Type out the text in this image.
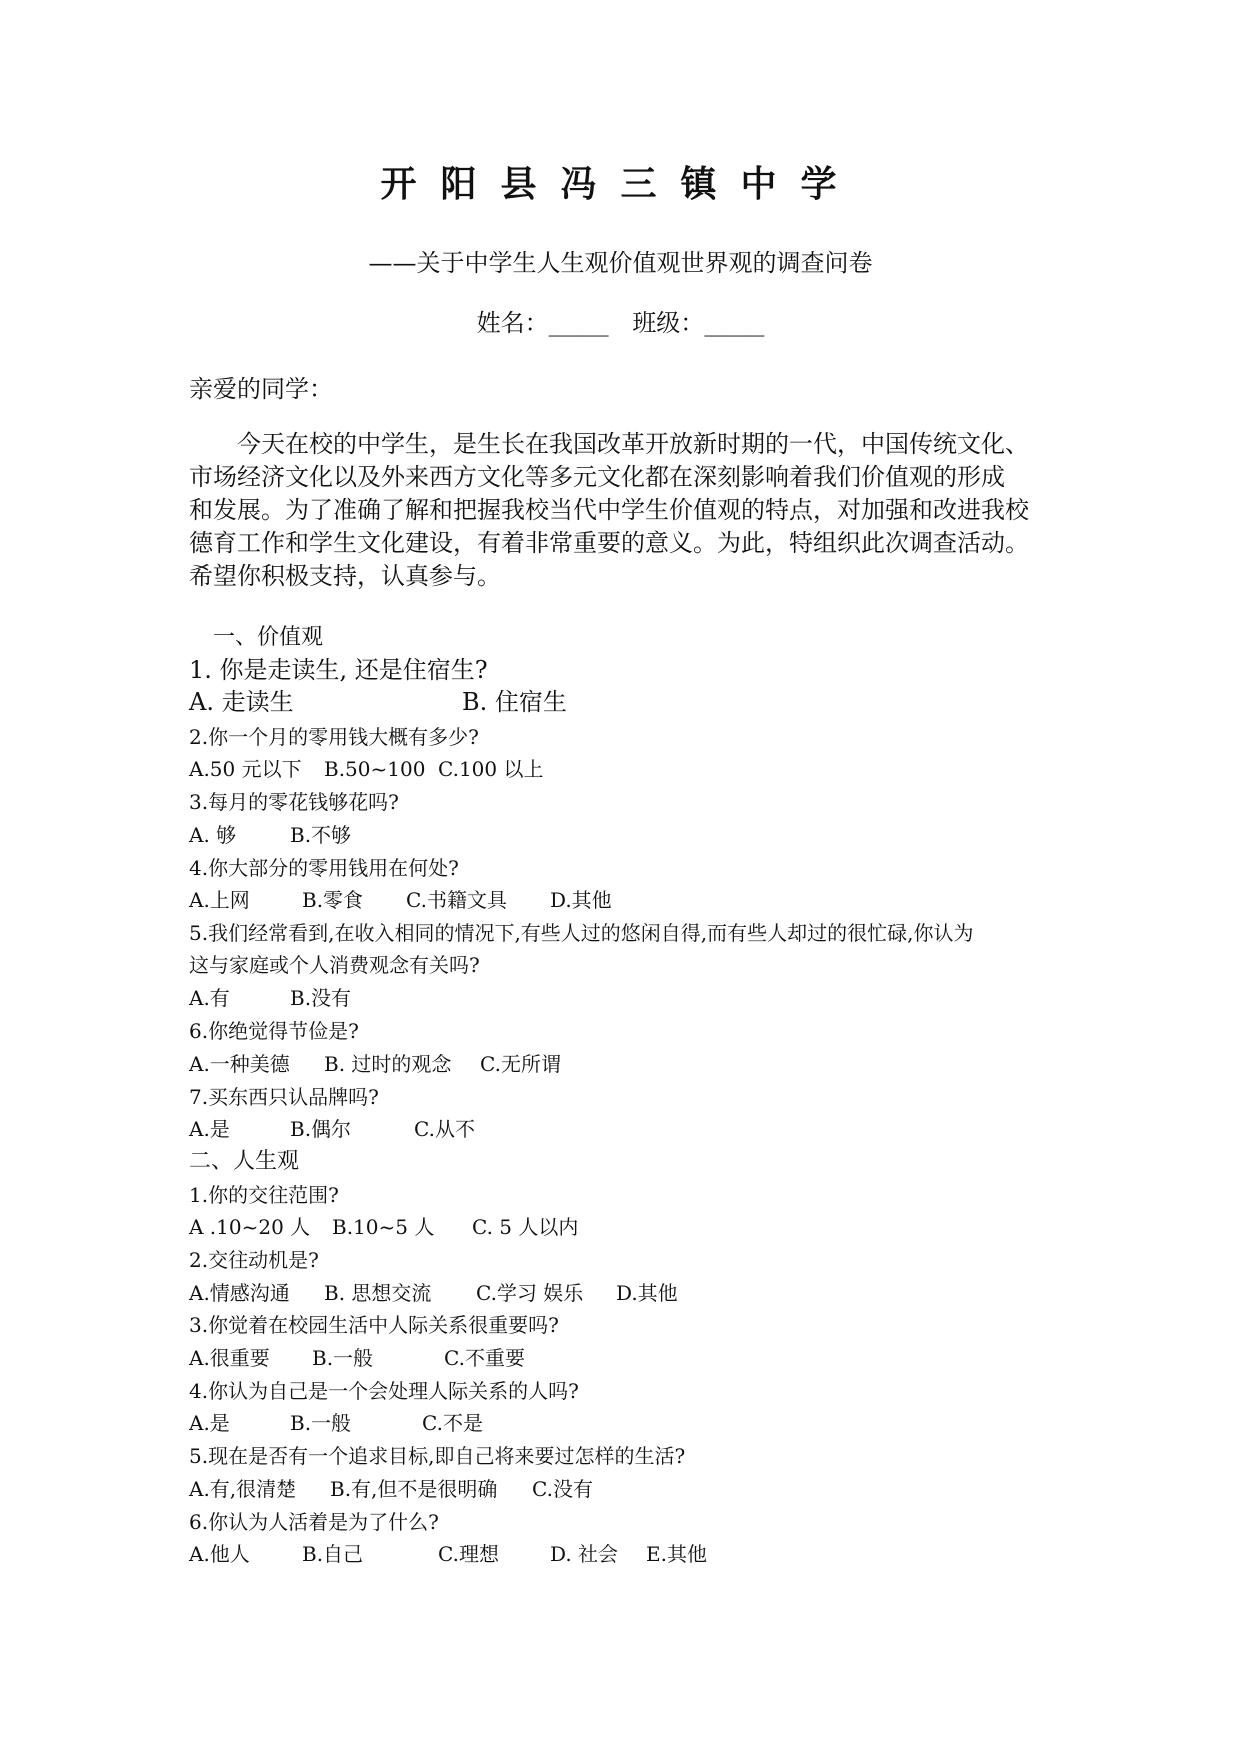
开阳县冯三镇中学
——关于中学生人生观价值观世界观的调查问卷
姓名：_____ 班级：_____
亲爱的同学：
今天在校的中学生，是生长在我国改革开放新时期的一代，中国传统文化、
市场经济文化以及外来西方文化等多元文化都在深刻影响着我们价值观的形成
和发展。为了准确了解和把握我校当代中学生价值观的特点，对加强和改进我校
德育工作和学生文化建设，有着非常重要的意义。为此，特组织此次调查活动。
希望你积极支持，认真参与。
一、价值观
1. 你是走读生, 还是住宿生?
A. 走读生	B. 住宿生
2.你一个月的零用钱大概有多少?
A.50 元以下 B.50~100 C.100 以上
3.每月的零花钱够花吗?
A. 够	B.不够
4.你大部分的零用钱用在何处?
A.上网	B.零食 C.书籍文具 D.其他
5.我们经常看到,在收入相同的情况下,有些人过的悠闲自得,而有些人却过的很忙碌,你认为
这与家庭或个人消费观念有关吗?
A.有	B.没有
6.你绝觉得节俭是?
A.一种美德 B. 过时的观念 C.无所谓
7.买东西只认品牌吗?
A.是	B.偶尔	C.从不
二、人生观
1.你的交往范围?
A .10~20 人 B.10~5 人 C. 5 人以内
2.交往动机是?
A.情感沟通 B. 思想交流 C.学习 娱乐 D.其他
3.你觉着在校园生活中人际关系很重要吗?
A.很重要 B.一般	C.不重要
4.你认为自己是一个会处理人际关系的人吗?
A.是	B.一般	C.不是
5.现在是否有一个追求目标,即自己将来要过怎样的生活?
A.有,很清楚 B.有,但不是很明确 C.没有
6.你认为人活着是为了什么?
A.他人	B.自己	C.理想	D. 社会 E.其他
